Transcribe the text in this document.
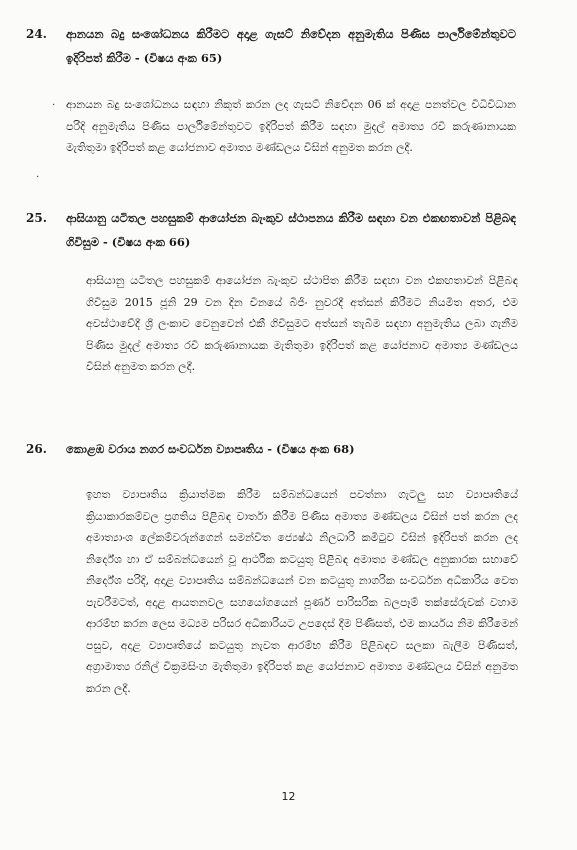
24. ආනයන බදු සංශෝධනය කිරීමට අදාළ ගැසට් නිවේදන අනුමැතිය පිණිස පාර්ලිමේන්තුවට ඉදිරිපත් කිරීම - (විෂය අංක 65)
ආනයන බදු සංශෝධනය සඳහා නිකුත් කරන ලද ගැසට් නිවේදන 06 ක් අදාළ පනත්වල විධිවිධාන පරිදි අනුමැතිය පිණිස පාර්ලිමේන්තුවට ඉදිරිපත් කිරීම සඳහා මුදල් අමාත්‍ය රවි කරුණානායක මැතිතුමා ඉදිරිපත් කළ යෝජනාව අමාත්‍ය මණ්ඩලය විසින් අනුමත කරන ලදී.
25. ආසියානු යටිතල පහසුකම් ආයෝජන බැංකුව ස්ථාපනය කිරීම සඳහා වන එකඟතාවන් පිළිබඳ ගිවිසුම - (විෂය අංක 66)
ආසියානු යටිතල පහසුකම් ආයෝජන බැංකුව ස්ථාපිත කිරීම සඳහා වන එකඟතාවන් පිළිබඳ ගිවිසුම 2015 ජූනි 29 වන දින චීනයේ බීජිං නුවරදී අත්සන් කිරීමට නියමිත අතර, එම අවස්ථාවේදී ශ්‍රී ලංකාව වෙනුවෙන් එකී ගිවිසුමට අත්සන් තැබීම සඳහා අනුමැතිය ලබා ගැනීම පිණිස මුදල් අමාත්‍ය රවි කරුණානායක මැතිතුමා ඉදිරිපත් කළ යෝජනාව අමාත්‍ය මණ්ඩලය විසින් අනුමත කරන ලදී.
26. කොළඹ වරාය නගර සංවර්ධන ව්‍යාපෘතිය - (විෂය අංක 68)
ඉහත ව්‍යාපෘතිය ක්‍රියාත්මක කිරීම සම්බන්ධයෙන් පවත්නා ගැටලු සහ ව්‍යාපෘතියේ ක්‍රියාකාරකම්වල ප්‍රගතිය පිළිබඳ වාර්තා කිරීම පිණිස අමාත්‍ය මණ්ඩලය විසින් පත් කරන ලද අමාත්‍යාංශ ලේකම්වරුන්ගෙන් සමන්විත ජ්‍යෙෂ්ඨ නිලධාරි කමිටුව විසින් ඉදිරිපත් කරන ලද නිර්දේශ හා ඒ සම්බන්ධයෙන් වූ ආර්ථික කටයුතු පිළිබඳ අමාත්‍ය මණ්ඩල අනුකාරක සභාවේ නිර්දේශ පරිදි, අදාළ ව්‍යාපෘතිය සම්බන්ධයෙන් වන කටයුතු නාගරික සංවර්ධන අධිකාරිය වෙත පැවරීමටත්, අදාළ ආයතනවල සහයෝගයෙන් පූර්ණ පාරිසරික බලපෑම් තක්සේරුවක් වහාම ආරම්භ කරන ලෙස මධ්‍යම පරිසර අධිකාරියට උපදෙස් දීම පිණිසත්, එම කාර්යය නිම කිරීමෙන් පසුව, අදාළ ව්‍යාපෘතියේ කටයුතු නැවත ආරම්භ කිරීම පිළිබඳව සලකා බැලීම පිණිසත්, අග්‍රාමාත්‍ය රනිල් වික්‍රමසිංහ මැතිතුමා ඉදිරිපත් කළ යෝජනාව අමාත්‍ය මණ්ඩලය විසින් අනුමත කරන ලදී.
·
·
12
